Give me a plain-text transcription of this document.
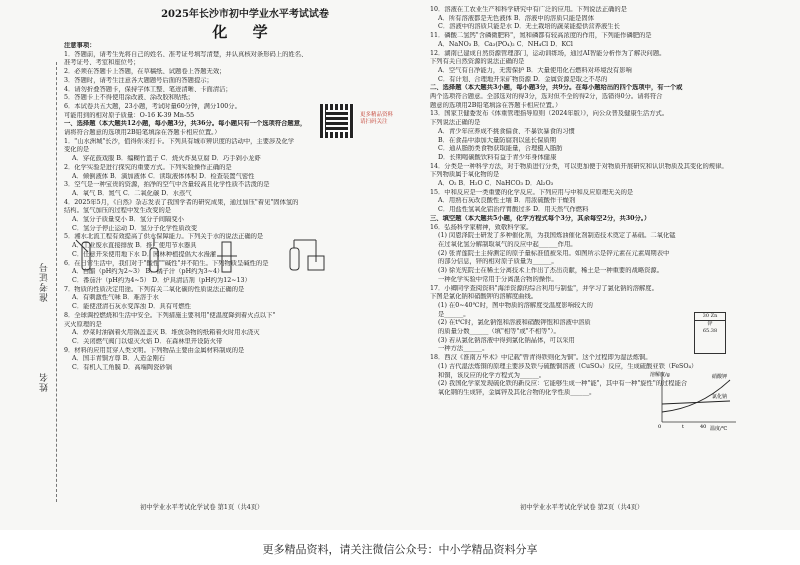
准考证号
姓名
2025年长沙市初中学业水平考试试卷
化 学
注意事项：
1．答题前，请考生先将自己的姓名、准考证号填写清楚，并认真核对条形码上的姓名、
准考证号、考室和座位号；
2．必须在答题卡上答题，在草稿纸、试题卷上答题无效；
3．答题时，请考生注意各大题题号后面的答题提示；
4．请勿折叠答题卡，保持字体工整、笔迹清晰、卡面清洁；
5．答题卡上不得使用涂改液、涂改胶和贴纸；
6．本试卷共五大题，23小题，考试时量60分钟，满分100分。
可能用到的相对原子质量：O-16 K-39 Mn-55
一、选择题（本大题共12小题，每小题3分，共36分。每小题只有一个选项符合题意，
请将符合题意的选项用2B铅笔填涂在答题卡相应位置。）
1．"山水洲城"长沙，值得你来打卡。下列具有城市辨识度的活动中，主要涉及化学
变化的是
A．穿花鼓戏服 B．编糊竹篮子 C．烧火炸臭豆腐 D．巧手剁小龙虾
2．化学实验是进行探究的重要方式。下列实验操作正确的是
A．倾倒液体 B．滴加液体 C．读取液体体积 D．检查装置气密性
3．空气是一种宝贵的资源，拍净的空气中含量较高且化学性质不活泼的是
A．氧气 B．氮气 C．二氧化碳 D．水蒸气
4．2025年5月，《自然》杂志发表了我国学者的研究成果，通过加压"着见"固体氢的
结构。氢气加压的过程中发生改变的是
A．氢分子质量变小 B．氢分子间隔变小
C．氢分子停止运动 D．氢分子化学性质改变
5．湘水北流工程有效提高了供水保障能力。下列关于水的说法正确的是
A．工业废水直接排放 B．推广使用节水器具
C．任意开采使用地下水 D．园林种植提倡大水漫灌
6．在日常生活中，我们对于"酸性""碱性"并不陌生。下列物质呈碱性的是
A．白醋（pH约为2~3） B．橘子汁（pH约为3~4）
C．番茄汁（pH约为4~5） D．炉具清洁剂（pH约为12~13）
7．物质的性质决定用途。下列有关二氧化碳的性质说法正确的是
A．有刺激性气味 B．难溶于水
C．能使澄清石灰水变浑浊 D．具有可燃性
8．全球调控燃烧和生活中安全。下列措施主要利用"使温度降到着火点以下"
灭火原理的是
A．炒菜时油锅着火用锅盖盖灭 B．堆放杂物的纸箱着火时用水浇灭
C．关闭燃气阀门以熄灭火焰 D．在森林里开设防火带
9．材料的应用贯穿人类文明。下列物品主要由金属材料制成的是
A．国丰青铜方尊 B．人造金刚石
C．有机人工角膜 D．高端陶瓷砂锅
更多精品资料 请扫码关注
10．溶液在工农业生产和科学研究中有广泛的应用。下列说法正确的是
A．所有溶液都是无色液体 B．溶液中的溶质只能是固体
C．溶液中的溶质只能是水 D．无土栽培的蔬菜能提供营养液生长
11．磷酸二氢钙"含磷微肥料"，氮和磷都有较高浓度的作用，下列能作磷肥的是
A．NaNO₃ B．Ca₃(PO₄)₂ C．NH₄Cl D．KCl
12．湖南已建成自然资源管理部门，运动训练场，通过AI智能分析作为了解决问题。
下列有关自然资源的说法正确的是
A．空气有自净能力，无需保护 B．大量使用化石燃料对环境没有影响
C．有计划、合理地开采矿物资源 D．金属资源是取之不尽的
二、选择题（本大题共3小题，每小题3分，共9分。在每小题给出的四个选项中，有一个或
两个选项符合题意。全部选对的得3分，选对但不全的得2分，选错得0分。请将符合
题意的选项用2B铅笔填涂在答题卡相应位置。）
13．国家卫健委发布《体重管理指导原则（2024年版）》，向公众普及健康生活方式。
下列说法正确的是
A．青少年应养成不挑食偏食、不暴饮暴食的习惯
B．在食品中添加大量防腐剂以延长保质期
C．通从脂肪类食物获取能量，合理摄入脂肪
D．长期喝碳酸饮料有益于青少年身体健康
14．分类是一种科学方法，对于物质进行分类，可以更加便于对物质开展研究和认识物质及其变化的规律。
下列物质属于氧化物的是
A．O₂ B．H₂O C．NaHCO₃ D．Al₂O₃
15．中和反应是一类重要的化学反应。下列应用与中和反应原理无关的是
A．用熟石灰改良酸性土壤 B．用浓硫酸作干燥剂
C．用盐性氢氧化铝治疗胃酸过多 D．用天然气作燃料
三、填空题（本大题共5小题，化学方程式每个3分，其余每空2分，共30分。）
16．弘扬科学家精神，致敬科学家。
(1) 闵恩泽院士研发了多种催化剂，为我国炼油催化剂制造技术奠定了基础。二氧化锰
在过氧化氢分解制取氧气的反应中起______作用。
(2) 张青莲院士主持测定的原子量标准值被采用。如图所示是锌元素在元素周期表中
的部分信息，锌的相对原子质量为______。
(3) 徐光宪院士在稀土分离技术上作出了杰出贡献，稀土是一种重要的战略资源。
一种化学实验中常用于分离混合物的操作。
17．小卿同学查阅资料"海洋资源的综合利用与制盐"，并学习了氯化钠的溶解度。
下图是氯化钠和硝酸钾的溶解度曲线。
(1) 在0~40℃时，图中物质的溶解度受温度影响较大的
是______。
(2) 在t℃时，氯化钠饱和溶液和硝酸钾饱和溶液中溶质
的质量分数______（填"相等"或"不相等"）。
(3) 若从氯化钠溶液中得到氯化钠晶体，可以采用
一种方法______。
18．西汉《淮南万毕术》中记载"曾青得铁则化为铜"。这个过程即为湿法炼铜。
(1) 古代湿法炼铜的原理主要涉及铁与硫酸铜溶液（CuSO₄）反应，生成硫酸亚铁（FeSO₄）
和铜，该反应的化学方程式为______。
(2) 我国化学家发现硫化铁的新反应：它能够生成一种"能"，其中有一种"旋性"的过程能合
氧化钢的生成锌，金属锌及其化合物的化学性质______。
30 Zn
锌
65.38
硝酸钾
氯化钠
溶解度/g
温度/℃
0	t	40
初中学业水平考试化学试卷 第1页（共4页）	初中学业水平考试化学试卷 第2页（共4页）
更多精品资料，请关注微信公众号：中小学精品资料分享
